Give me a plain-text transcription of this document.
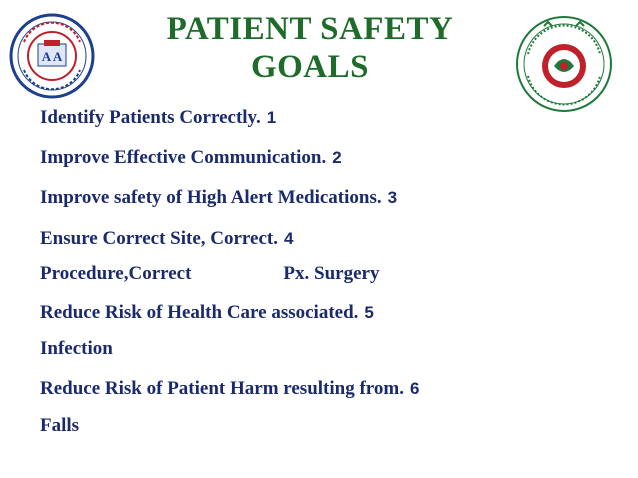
A A
PATIENT SAFETY
GOALS
Identify Patients Correctly. 1
Improve Effective Communication. 2
Improve safety of High Alert Medications. 3
Ensure Correct Site, Correct. 4
Procedure,Correct	Px. Surgery
Reduce Risk of Health Care associated. 5
Infection
Reduce Risk of Patient Harm resulting from. 6
Falls
